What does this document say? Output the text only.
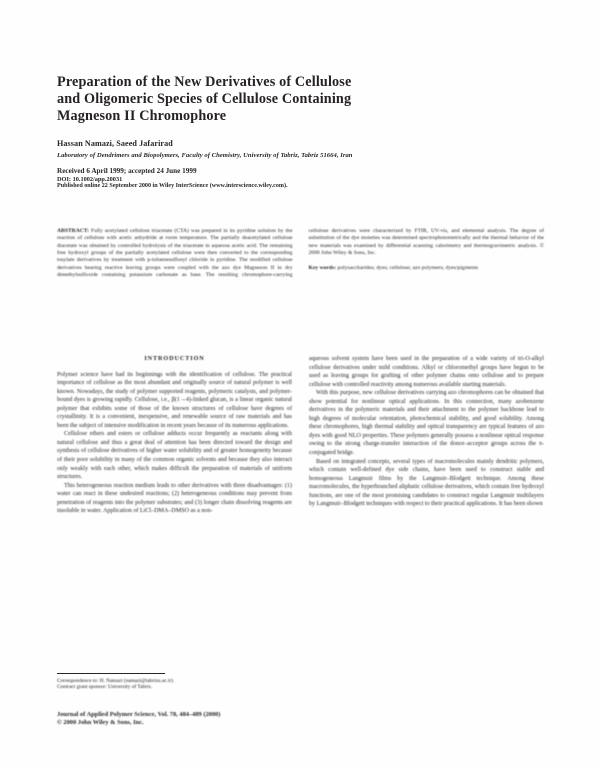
Preparation of the New Derivatives of Cellulose
and Oligomeric Species of Cellulose Containing
Magneson II Chromophore
Hassan Namazi, Saeed Jafarirad
Laboratory of Dendrimers and Biopolymers, Faculty of Chemistry, University of Tabriz, Tabriz 51664, Iran
Received 6 April 1999; accepted 24 June 1999
DOI: 10.1002/app.20031
Published online 22 September 2000 in Wiley InterScience (www.interscience.wiley.com).

ABSTRACT: Fully acetylated cellulose triacetate (CTA) was prepared in its pyridine solution by the reaction of cellulose with acetic anhydride at room temperature. The partially deacetylated cellulose diacetate was obtained by controlled hydrolysis of the triacetate in aqueous acetic acid. The remaining free hydroxyl groups of the partially acetylated cellulose were then converted to the corresponding tosylate derivatives by treatment with p-toluenesulfonyl chloride in pyridine. The modified cellulose derivatives bearing reactive leaving groups were coupled with the azo dye Magneson II in dry dimethylsulfoxide containing potassium carbonate as base. The resulting chromophore-carrying cellulose derivatives were characterized by FTIR, UV-vis, and elemental analysis. The degree of substitution of the dye moieties was determined spectrophotometrically and the thermal behavior of the new materials was examined by differential scanning calorimetry and thermogravimetric analysis. © 2000 John Wiley & Sons, Inc.

Key words: polysaccharides; dyes; cellulose; azo polymers; dyes/pigments

INTRODUCTION

Polymer science have had its beginnings with the identification of cellulose. The practical importance of cellulose as the most abundant and originally source of natural polymer is well known. Nowadays, the study of polymer supported reagents, polymeric catalysts, and polymer-bound dyes is growing rapidly. Cellulose, i.e., β(1→4)-linked glucan, is a linear organic natural polymer that exhibits some of those of the known structures of cellulose have degrees of crystallinity. It is a convenient, inexpensive, and renewable source of raw materials and has been the subject of intensive modification in recent years because of its numerous applications.

Cellulose ethers and esters or cellulose adducts occur frequently as reactants along with natural cellulose and thus a great deal of attention has been directed toward the design and synthesis of cellulose derivatives of higher water solubility and of greater homogeneity because of their poor solubility in many of the common organic solvents and because they also interact only weakly with each other, which makes difficult the preparation of materials of uniform structures.

This heterogeneous reaction medium leads to other derivatives with three disadvantages: (1) water can react in these undesired reactions; (2) heterogeneous conditions may prevent from penetration of reagents into the polymer substrates; and (3) longer chain dissolving reagents are insoluble in water. Application of LiCl–DMA–DMSO as a non-

aqueous solvent system have been used in the preparation of a wide variety of tri-O-alkyl cellulose derivatives under mild conditions. Alkyl or chloromethyl groups have begun to be used as leaving groups for grafting of other polymer chains onto cellulose and to prepare cellulose with controlled reactivity among numerous available starting materials.

With this purpose, new cellulose derivatives carrying azo chromophores can be obtained that show potential for nonlinear optical applications. In this connection, many azobenzene derivatives in the polymeric materials and their attachment to the polymer backbone lead to high degrees of molecular orientation, photochemical stability, and good solubility. Among these chromophores, high thermal stability and optical transparency are typical features of azo dyes with good NLO properties. These polymers generally possess a nonlinear optical response owing to the strong charge-transfer interaction of the donor–acceptor groups across the π-conjugated bridge.

Based on integrated concepts, several types of macromolecules mainly dendritic polymers, which contain well-defined dye side chains, have been used to construct stable and homogeneous Langmuir films by the Langmuir–Blodgett technique. Among these macromolecules, the hyperbranched aliphatic cellulose derivatives, which contain free hydroxyl functions, are one of the most promising candidates to construct regular Langmuir multilayers by Langmuir–Blodgett techniques with respect to their practical applications. It has been shown

Correspondence to: H. Namazi (namazi@tabrizu.ac.ir).
Contract grant sponsor: University of Tabriz.
Journal of Applied Polymer Science, Vol. 78, 484–489 (2000)
© 2000 John Wiley & Sons, Inc.
